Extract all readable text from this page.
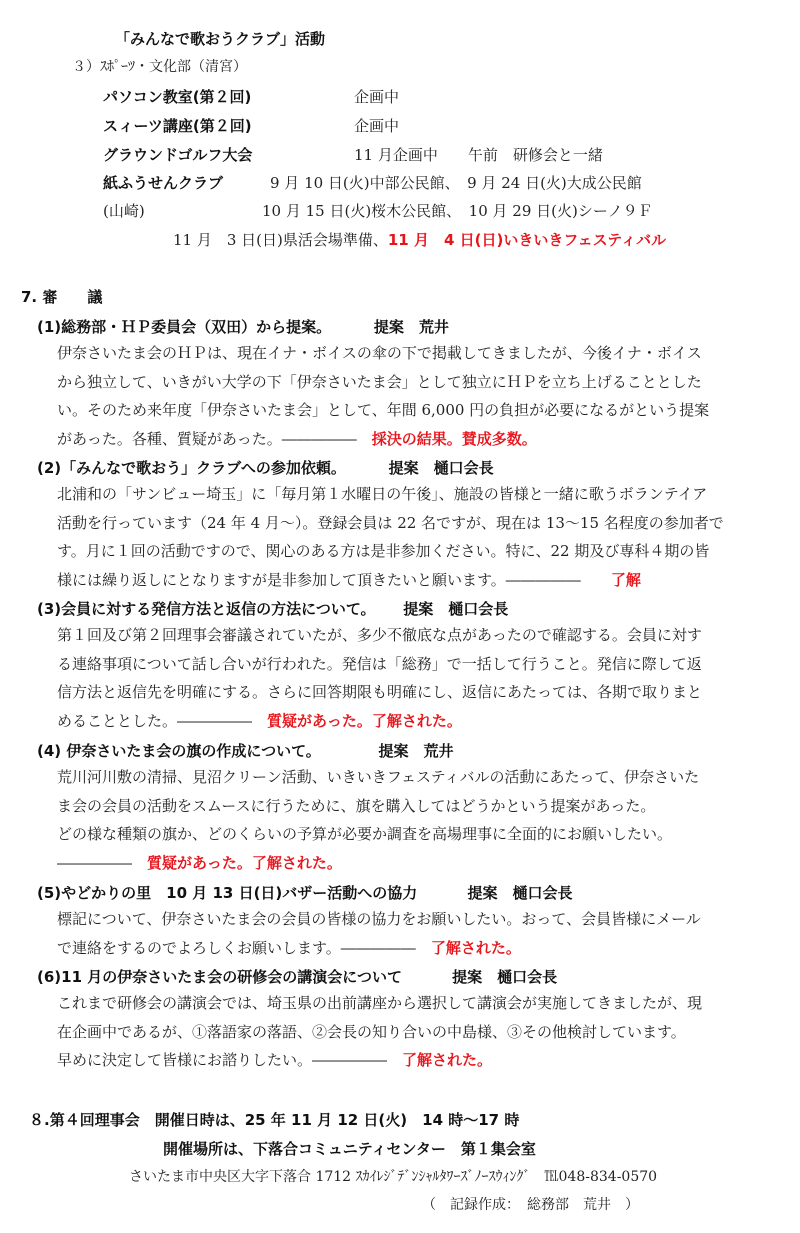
「みんなで歌おうクラブ」活動
３）ｽﾎﾟｰﾂ・文化部（清宮）
パソコン教室(第２回)	企画中
スィーツ講座(第２回)	企画中
グラウンドゴルフ大会	11 月企画中　　午前　研修会と一緒
紙ふうせんクラブ	9 月 10 日(火)中部公民館、　9 月 24 日(火)大成公民館
(山崎)	10 月 15 日(火)桜木公民館、　10 月 29 日(火)シーノ９Ｆ
11 月　3 日(日)県活会場準備、11 月　4 日(日)いきいきフェスティバル
7. 審　　議
(1)総務部・ＨＰ委員会（双田）から提案。　　　 提案　荒井
伊奈さいたま会のＨＰは、現在イナ・ボイスの傘の下で掲載してきましたが、今後イナ・ボイス
から独立して、いきがい大学の下「伊奈さいたま会」として独立にＨＰを立ち上げることとした
い。そのため来年度「伊奈さいたま会」として、年間 6,000 円の負担が必要になるがという提案
があった。各種、質疑があった。―――――　採決の結果。賛成多数。
(2)「みんなで歌おう」クラブへの参加依頼。　　　 提案　樋口会長
北浦和の「サンビュー埼玉」に「毎月第１水曜日の午後」、施設の皆様と一緒に歌うボランテイア
活動を行っています（24 年 4 月～）。登録会員は 22 名ですが、現在は 13～15 名程度の参加者で
す。月に１回の活動ですので、関心のある方は是非参加ください。特に、22 期及び専科４期の皆
様には繰り返しにとなりますが是非参加して頂きたいと願います。―――――　　了解
(3)会員に対する発信方法と返信の方法について。　　 提案　樋口会長
第１回及び第２回理事会審議されていたが、多少不徹底な点があったので確認する。会員に対す
る連絡事項について話し合いが行われた。発信は「総務」で一括して行うこと。発信に際して返
信方法と返信先を明確にする。さらに回答期限も明確にし、返信にあたっては、各期で取りまと
めることとした。―――――　質疑があった。了解された。
(4) 伊奈さいたま会の旗の作成について。　　　　 提案　荒井
荒川河川敷の清掃、見沼クリーン活動、いきいきフェスティバルの活動にあたって、伊奈さいた
ま会の会員の活動をスムースに行うために、旗を購入してはどうかという提案があった。
どの様な種類の旗か、どのくらいの予算が必要か調査を高場理事に全面的にお願いしたい。
―――――　質疑があった。了解された。
(5)やどかりの里　10 月 13 日(日)バザー活動への協力　　　 提案　樋口会長
標記について、伊奈さいたま会の会員の皆様の協力をお願いしたい。おって、会員皆様にメール
で連絡をするのでよろしくお願いします。―――――　了解された。
(6)11 月の伊奈さいたま会の研修会の講演会について　　　 提案　樋口会長
これまで研修会の講演会では、埼玉県の出前講座から選択して講演会が実施してきましたが、現
在企画中であるが、①落語家の落語、②会長の知り合いの中島様、③その他検討しています。
早めに決定して皆様にお諮りしたい。―――――　了解された。
８.第４回理事会　開催日時は、25 年 11 月 12 日(火)　14 時～17 時
開催場所は、下落合コミュニティセンター　第１集会室
さいたま市中央区大字下落合 1712 ｽｶｲﾚｼﾞﾃﾞﾝｼｬﾙﾀﾜｰｽﾞﾉｰｽｳｨﾝｸﾞ　℡048-834-0570
（　記録作成：　総務部　荒井　）
